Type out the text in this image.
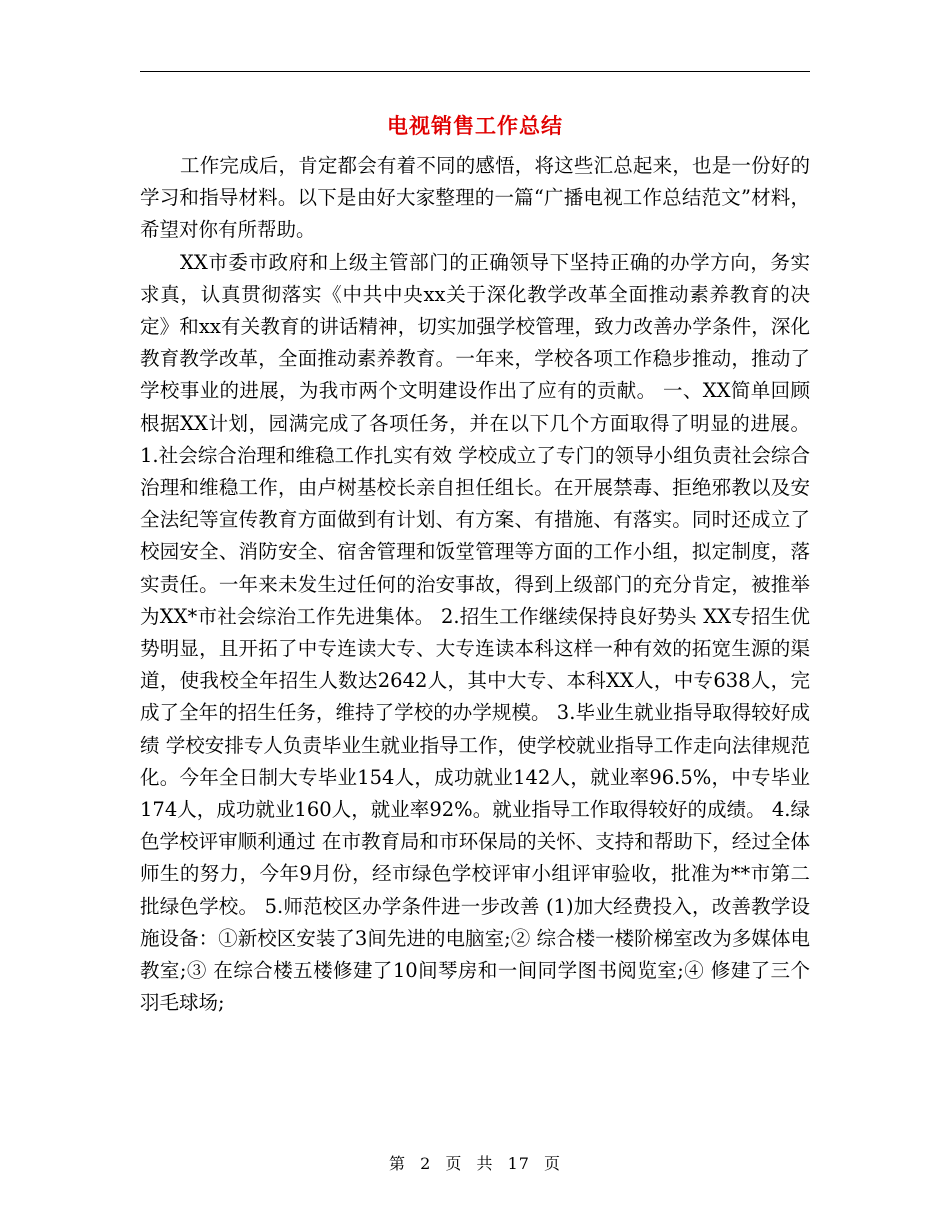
电视销售工作总结

工作完成后，肯定都会有着不同的感悟，将这些汇总起来，也是一份好的学习和指导材料。以下是由好大家整理的一篇“广播电视工作总结范文”材料，希望对你有所帮助。

XX市委市政府和上级主管部门的正确领导下坚持正确的办学方向，务实求真，认真贯彻落实《中共中央xx关于深化教学改革全面推动素养教育的决定》和xx有关教育的讲话精神，切实加强学校管理，致力改善办学条件，深化教育教学改革，全面推动素养教育。一年来，学校各项工作稳步推动，推动了学校事业的进展，为我市两个文明建设作出了应有的贡献。 一、XX简单回顾 根据XX计划，园满完成了各项任务，并在以下几个方面取得了明显的进展。 1.社会综合治理和维稳工作扎实有效 学校成立了专门的领导小组负责社会综合治理和维稳工作，由卢树基校长亲自担任组长。在开展禁毒、拒绝邪教以及安全法纪等宣传教育方面做到有计划、有方案、有措施、有落实。同时还成立了校园安全、消防安全、宿舍管理和饭堂管理等方面的工作小组，拟定制度，落实责任。一年来未发生过任何的治安事故，得到上级部门的充分肯定，被推举为XX*市社会综治工作先进集体。 2.招生工作继续保持良好势头 XX专招生优势明显，且开拓了中专连读大专、大专连读本科这样一种有效的拓宽生源的渠道，使我校全年招生人数达2642人，其中大专、本科XX人，中专638人，完成了全年的招生任务，维持了学校的办学规模。 3.毕业生就业指导取得较好成绩 学校安排专人负责毕业生就业指导工作，使学校就业指导工作走向法律规范化。今年全日制大专毕业154人，成功就业142人，就业率96.5%，中专毕业174人，成功就业160人，就业率92%。就业指导工作取得较好的成绩。 4.绿色学校评审顺利通过 在市教育局和市环保局的关怀、支持和帮助下，经过全体师生的努力，今年9月份，经市绿色学校评审小组评审验收，批准为**市第二批绿色学校。 5.师范校区办学条件进一步改善 (1)加大经费投入，改善教学设施设备：①新校区安装了3间先进的电脑室;② 综合楼一楼阶梯室改为多媒体电教室;③ 在综合楼五楼修建了10间琴房和一间同学图书阅览室;④ 修建了三个羽毛球场;

第 2 页 共 17 页
